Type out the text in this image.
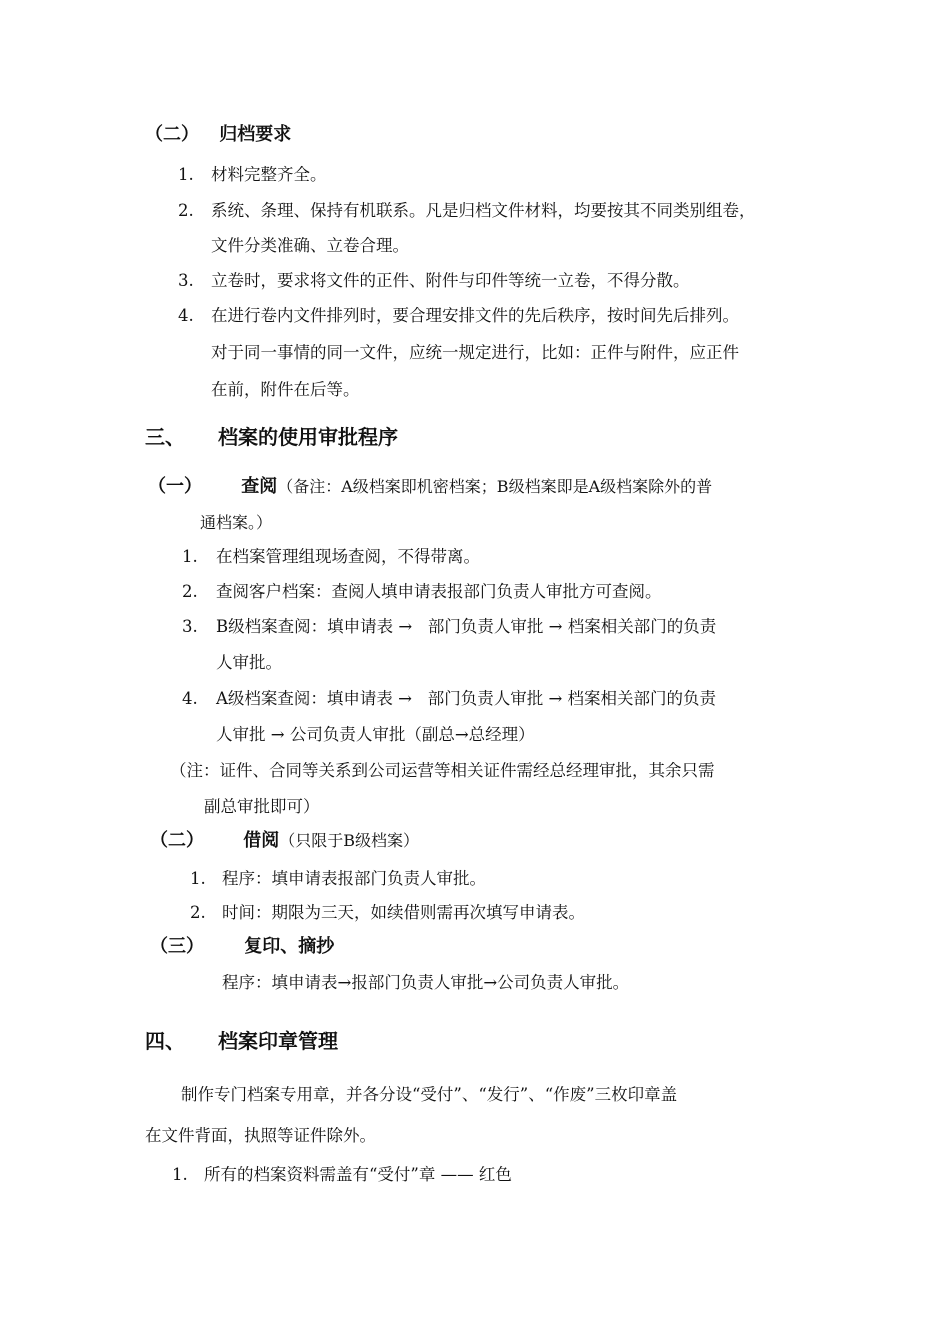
（二） 归档要求
1. 材料完整齐全。
2. 系统、条理、保持有机联系。凡是归档文件材料，均要按其不同类别组卷，
文件分类准确、立卷合理。
3. 立卷时，要求将文件的正件、附件与印件等统一立卷，不得分散。
4. 在进行卷内文件排列时，要合理安排文件的先后秩序，按时间先后排列。
对于同一事情的同一文件，应统一规定进行，比如：正件与附件，应正件
在前，附件在后等。
三、 档案的使用审批程序
（一） 查阅（备注：A级档案即机密档案；B级档案即是A级档案除外的普
通档案。）
1. 在档案管理组现场查阅，不得带离。
2. 查阅客户档案：查阅人填申请表报部门负责人审批方可查阅。
3. B级档案查阅：填申请表 →   部门负责人审批 → 档案相关部门的负责
人审批。
4. A级档案查阅：填申请表 →   部门负责人审批 → 档案相关部门的负责
人审批 → 公司负责人审批（副总→总经理）
（注：证件、合同等关系到公司运营等相关证件需经总经理审批，其余只需
副总审批即可）
（二） 借阅（只限于B级档案）
1. 程序：填申请表报部门负责人审批。
2. 时间：期限为三天，如续借则需再次填写申请表。
（三） 复印、摘抄
程序：填申请表→报部门负责人审批→公司负责人审批。
四、 档案印章管理
制作专门档案专用章，并各分设“受付”、“发行”、“作废”三枚印章盖
在文件背面，执照等证件除外。
1. 所有的档案资料需盖有“受付”章 —— 红色
